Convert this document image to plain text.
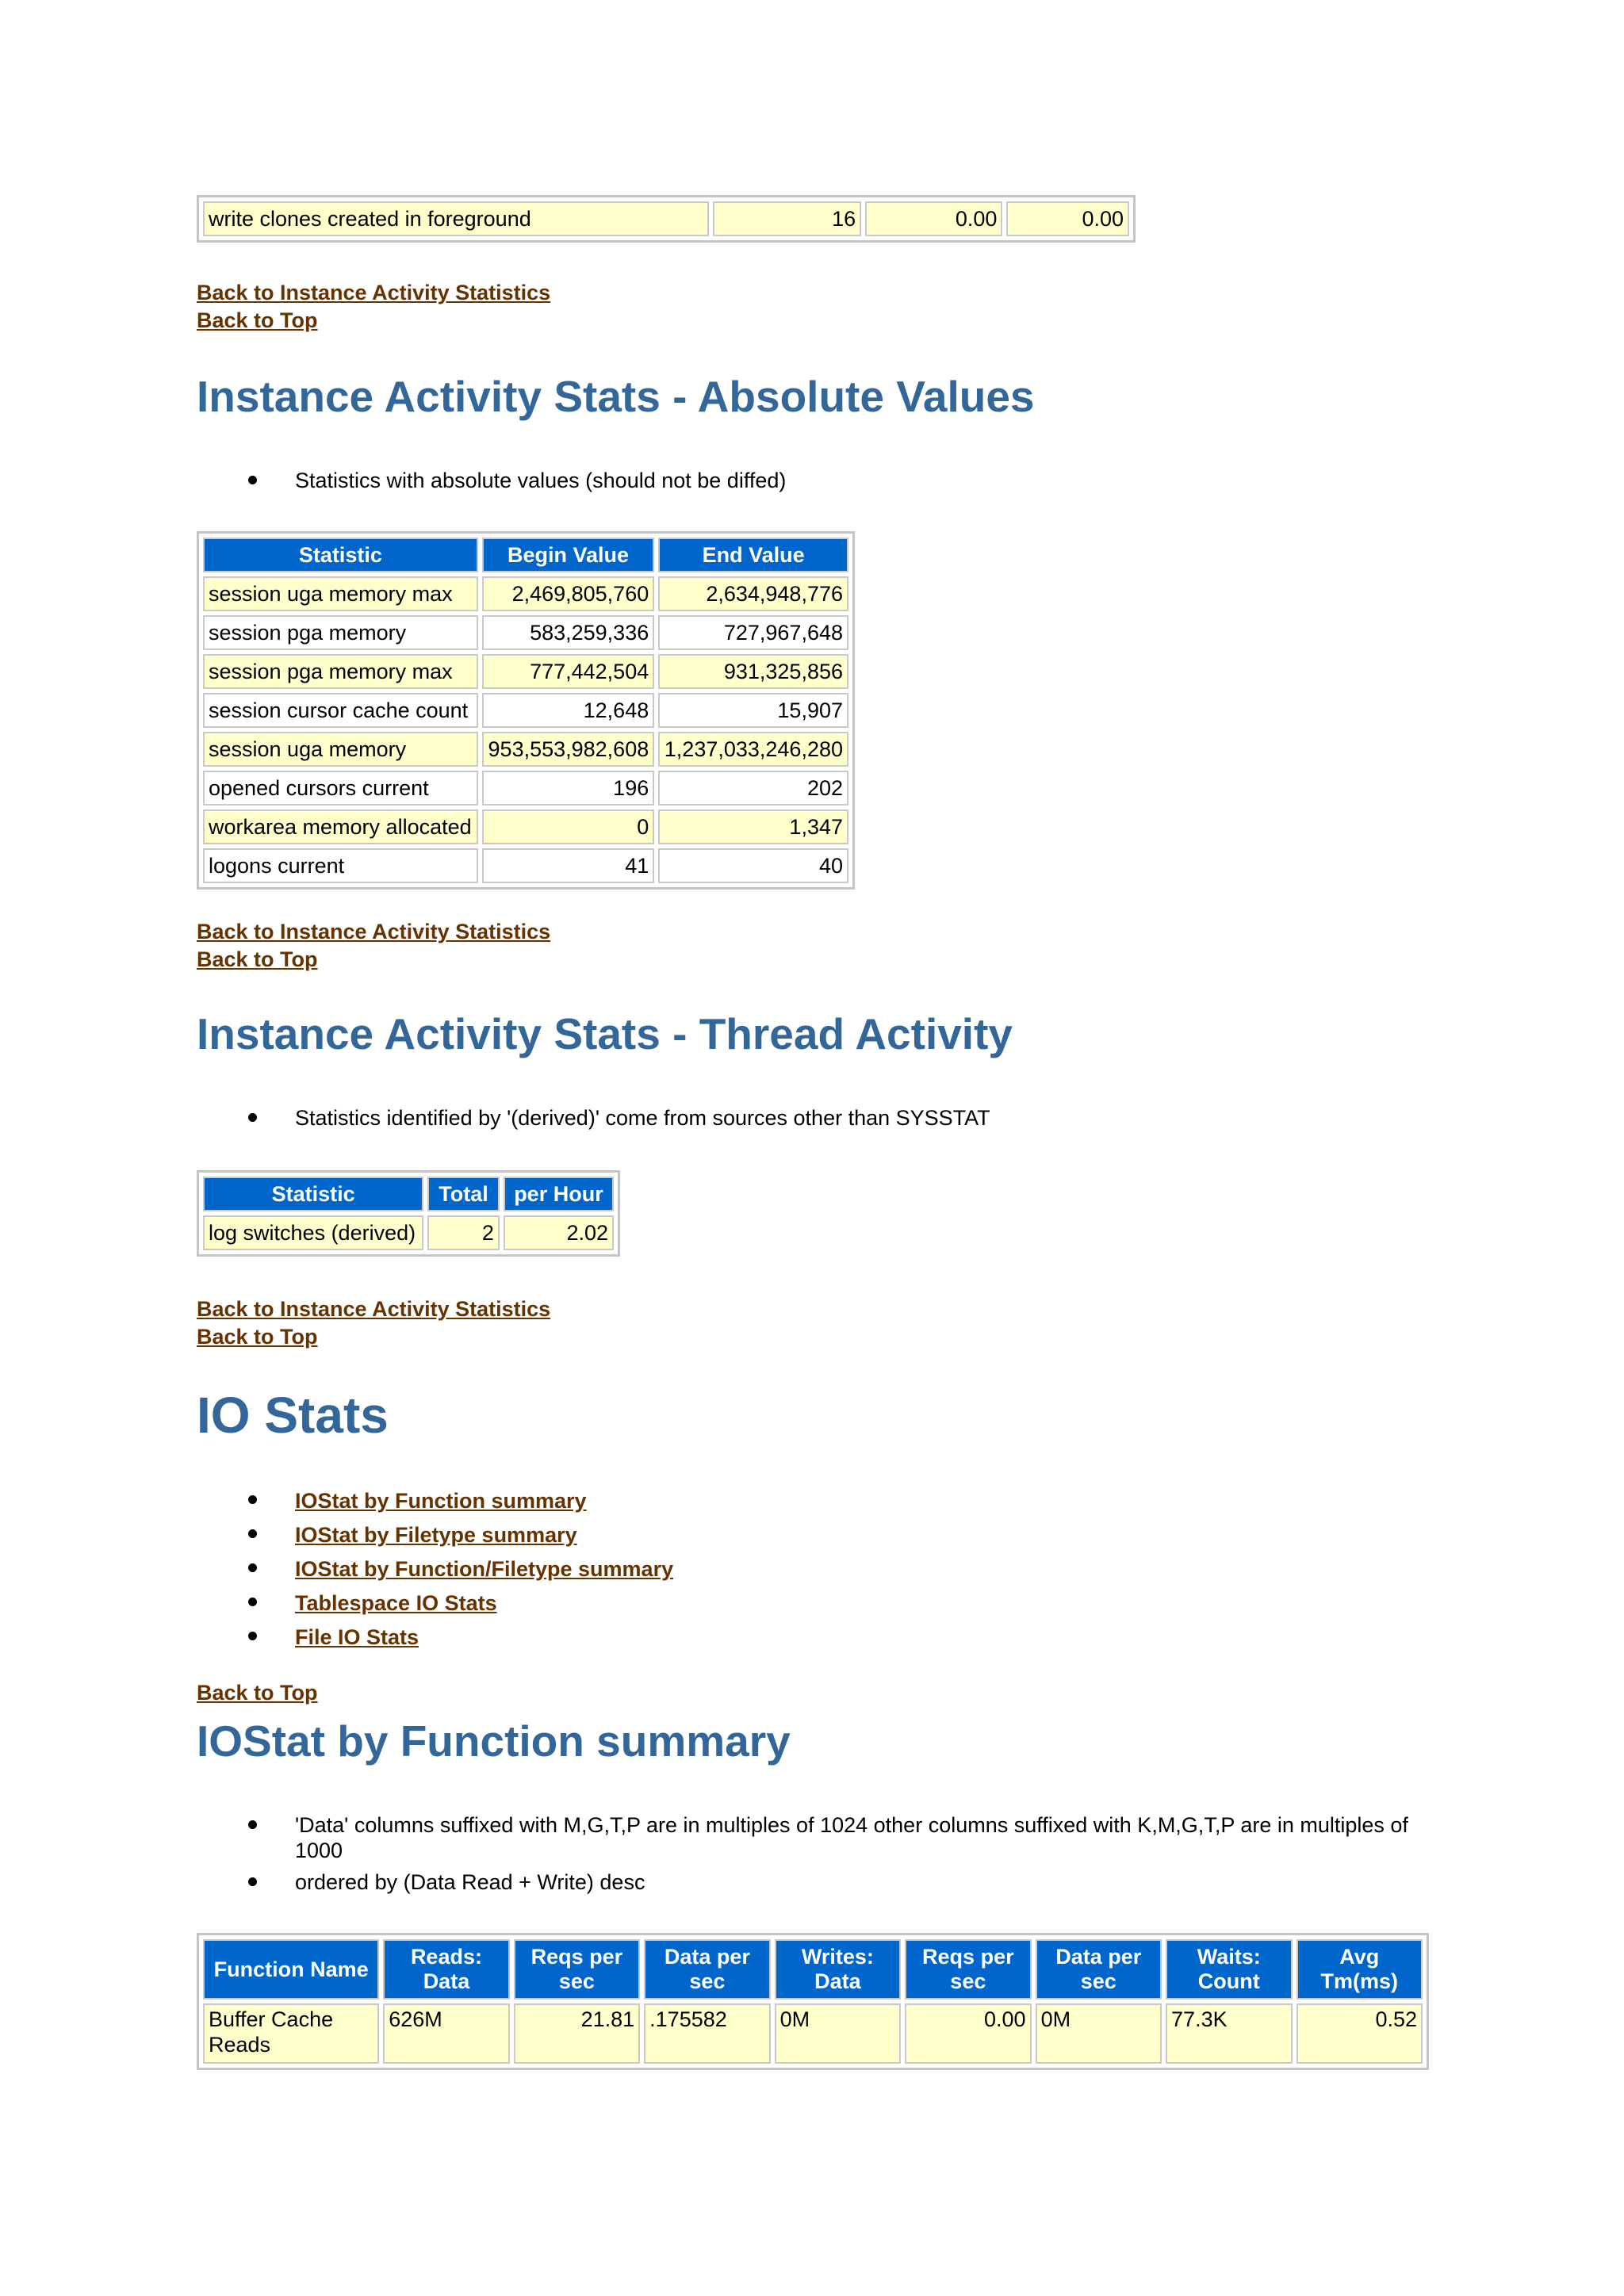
write clones created in foreground	16	0.00	0.00
Back to Instance Activity Statistics
Back to Top
Instance Activity Stats - Absolute Values
Statistics with absolute values (should not be diffed)
Statistic	Begin Value	End Value
session uga memory max	2,469,805,760	2,634,948,776
session pga memory	583,259,336	727,967,648
session pga memory max	777,442,504	931,325,856
session cursor cache count	12,648	15,907
session uga memory	953,553,982,608	1,237,033,246,280
opened cursors current	196	202
workarea memory allocated	0	1,347
logons current	41	40
Back to Instance Activity Statistics
Back to Top
Instance Activity Stats - Thread Activity
Statistics identified by '(derived)' come from sources other than SYSSTAT
Statistic	Total	per Hour
log switches (derived)	2	2.02
Back to Instance Activity Statistics
Back to Top
IO Stats
IOStat by Function summary
IOStat by Filetype summary
IOStat by Function/Filetype summary
Tablespace IO Stats
File IO Stats
Back to Top
IOStat by Function summary
'Data' columns suffixed with M,G,T,P are in multiples of 1024 other columns suffixed with K,M,G,T,P are in multiples of 1000
ordered by (Data Read + Write) desc
Function Name	Reads: Data	Reqs per sec	Data per sec	Writes: Data	Reqs per sec	Data per sec	Waits: Count	Avg Tm(ms)
Buffer Cache Reads	626M	21.81	.175582	0M	0.00	0M	77.3K	0.52
